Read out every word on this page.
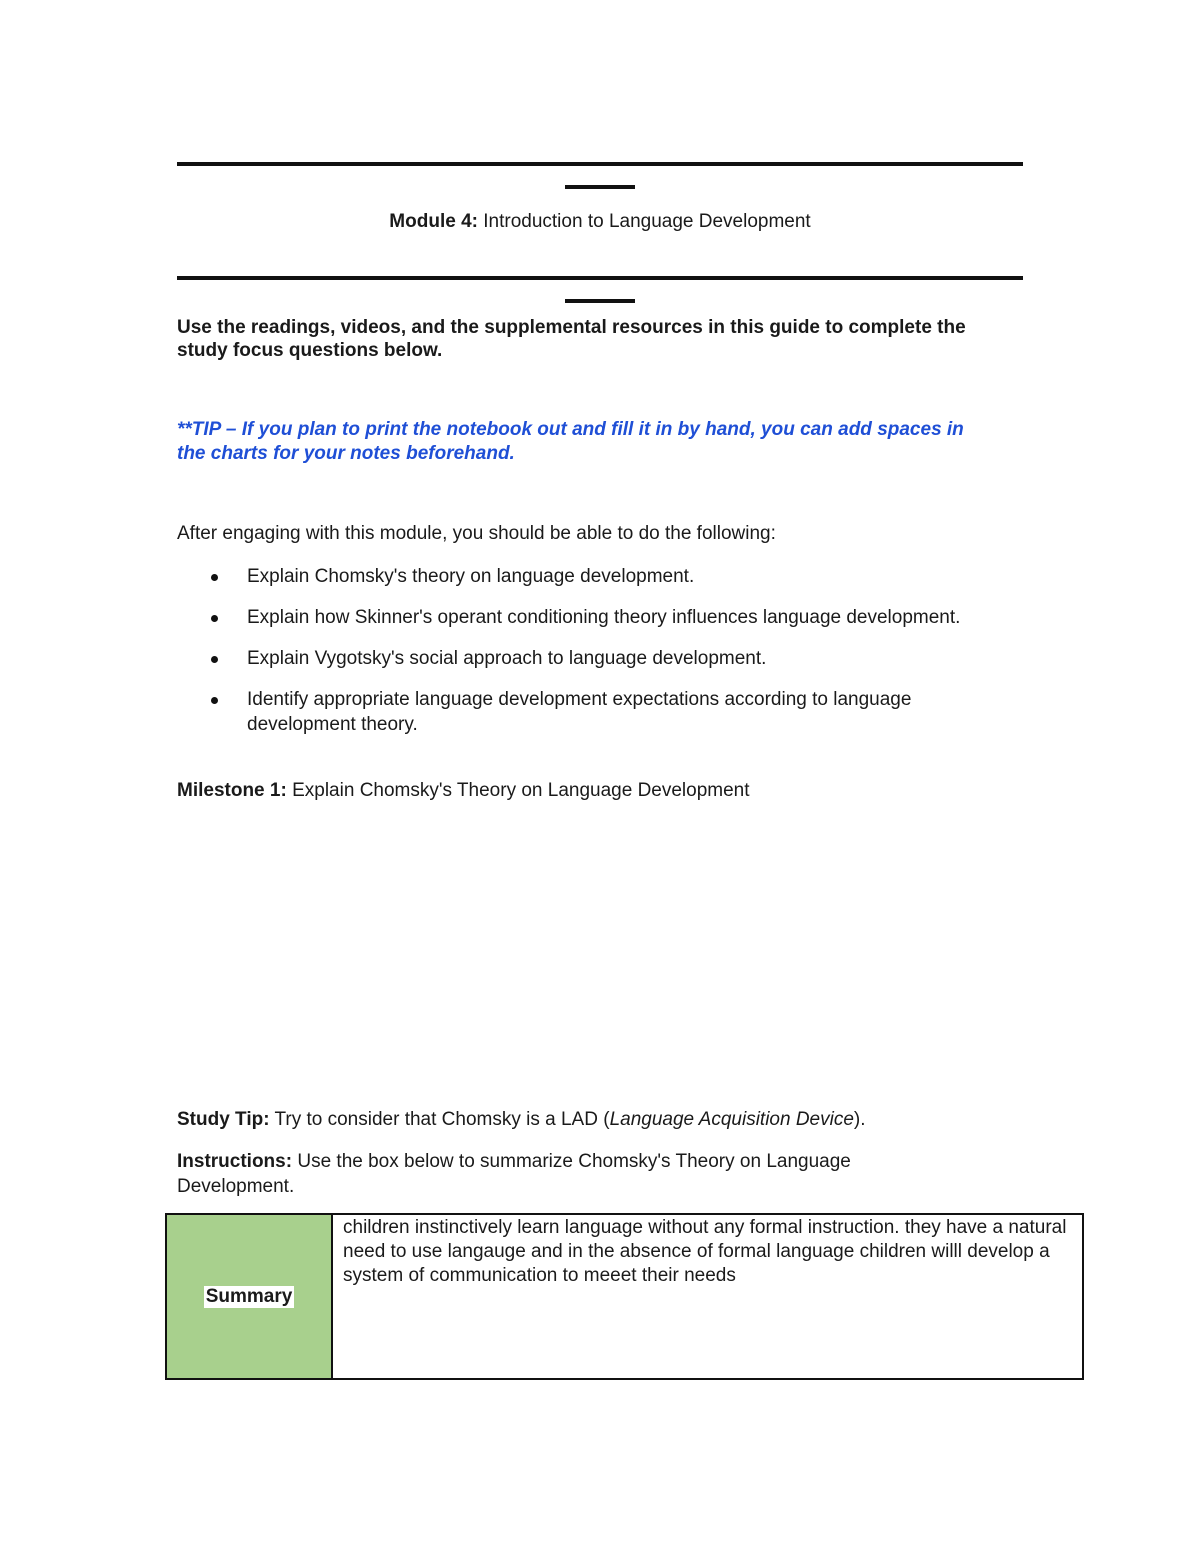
Module 4: Introduction to Language Development
Use the readings, videos, and the supplemental resources in this guide to complete the study focus questions below.
**TIP – If you plan to print the notebook out and fill it in by hand, you can add spaces in the charts for your notes beforehand.
After engaging with this module, you should be able to do the following:
Explain Chomsky's theory on language development.
Explain how Skinner's operant conditioning theory influences language development.
Explain Vygotsky's social approach to language development.
Identify appropriate language development expectations according to language development theory.
Milestone 1: Explain Chomsky's Theory on Language Development
Study Tip: Try to consider that Chomsky is a LAD (Language Acquisition Device).
Instructions: Use the box below to summarize Chomsky's Theory on Language Development.
Summary
children instinctively learn language without any formal instruction. they have a natural need to use langauge and in the absence of formal language children willl develop a system of communication to meeet their needs
